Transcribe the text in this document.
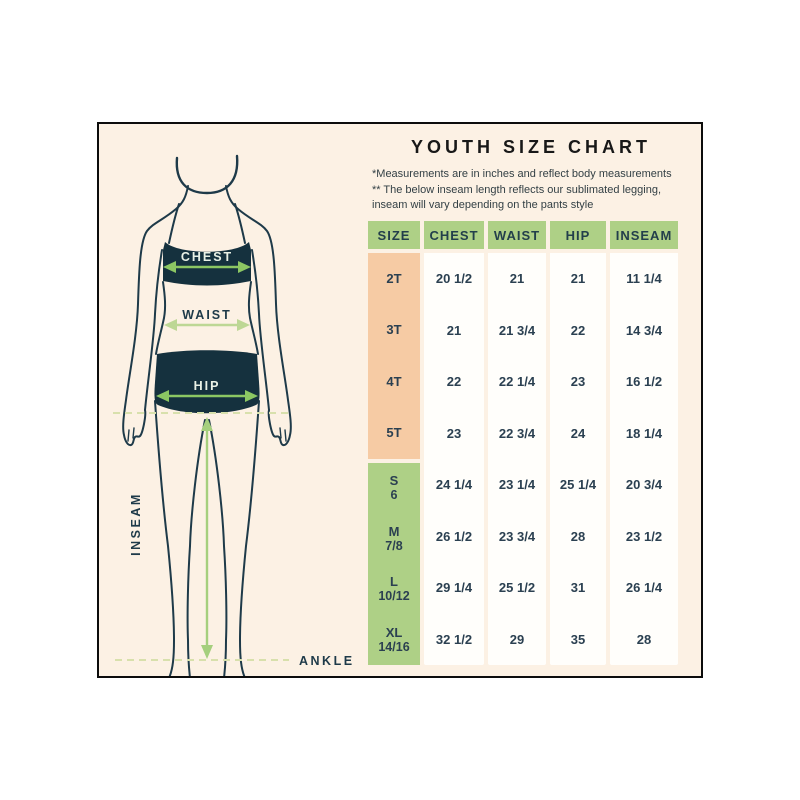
CHEST
WAIST
HIP
INSEAM
ANKLE
YOUTH SIZE CHART
*Measurements are in inches and reflect body measurements
** The below inseam length reflects our sublimated legging,
inseam will vary depending on the pants style
SIZE
2T
3T
4T
5T
S
6
M
7/8
L
10/12
XL
14/16
CHEST
20 1/2
21
22
23
24 1/4
26 1/2
29 1/4
32 1/2
WAIST
21
21 3/4
22 1/4
22 3/4
23 1/4
23 3/4
25 1/2
29
HIP
21
22
23
24
25 1/4
28
31
35
INSEAM
11 1/4
14 3/4
16 1/2
18 1/4
20 3/4
23 1/2
26 1/4
28
